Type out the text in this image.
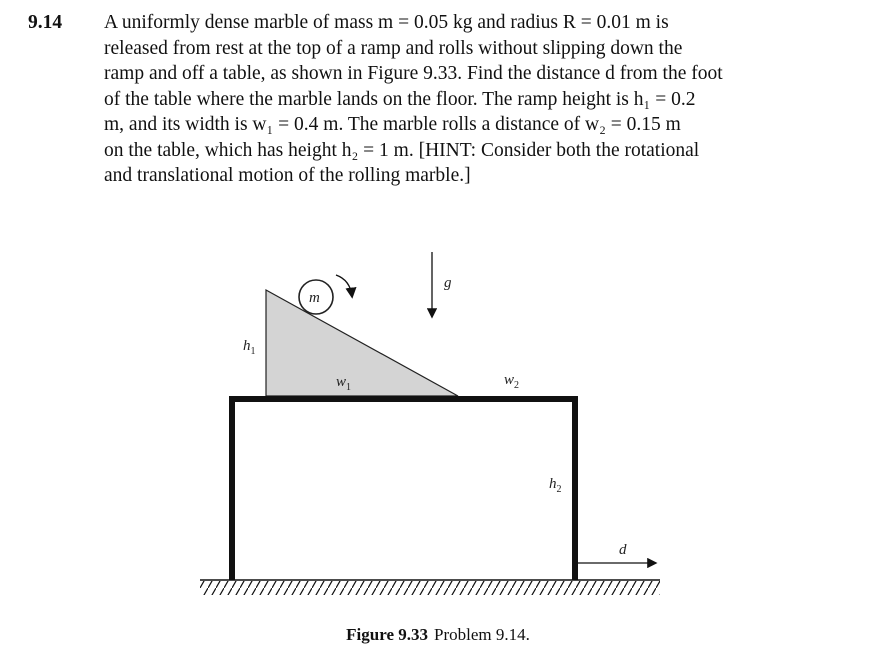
9.14 A uniformly dense marble of mass m = 0.05 kg and radius R = 0.01 m is
released from rest at the top of a ramp and rolls without slipping down the
ramp and off a table, as shown in Figure 9.33. Find the distance d from the foot
of the table where the marble lands on the floor. The ramp height is h₁ = 0.2
m, and its width is w₁ = 0.4 m. The marble rolls a distance of w₂ = 0.15 m
on the table, which has height h₂ = 1 m. [HINT: Consider both the rotational
and translational motion of the rolling marble.]
m
g
$h_1$
$w_1$	$w_2$
$h_2$
d
Figure 9.33 Problem 9.14.
